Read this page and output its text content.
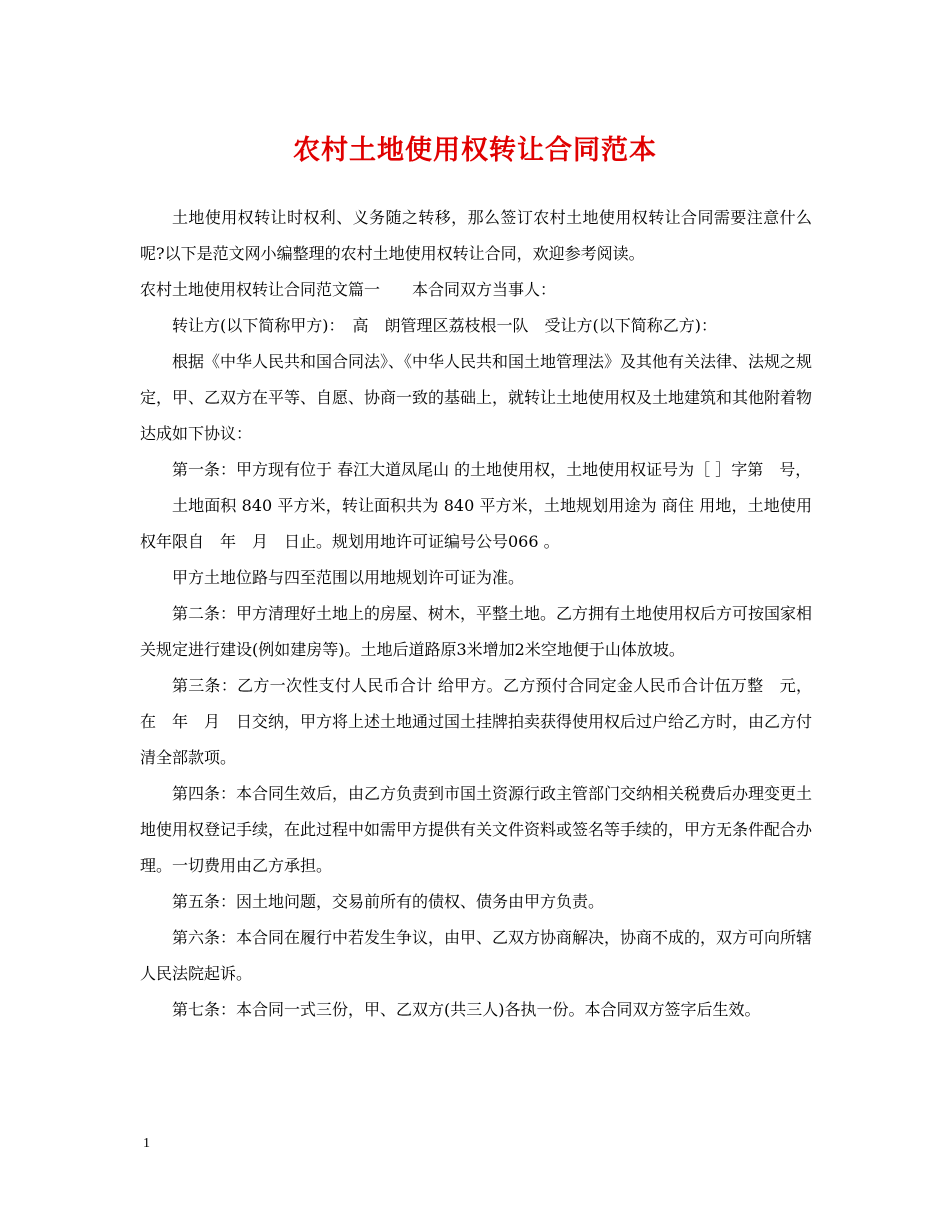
农村土地使用权转让合同范本

土地使用权转让时权利、义务随之转移，那么签订农村土地使用权转让合同需要注意什么呢?以下是范文网小编整理的农村土地使用权转让合同，欢迎参考阅读。

农村土地使用权转让合同范文篇一　　本合同双方当事人：

转让方(以下简称甲方)：　高　朗管理区荔枝根一队　受让方(以下简称乙方)：

根据《中华人民共和国合同法》、《中华人民共和国土地管理法》及其他有关法律、法规之规定，甲、乙双方在平等、自愿、协商一致的基础上，就转让土地使用权及土地建筑和其他附着物达成如下协议：

第一条：甲方现有位于 春江大道凤尾山 的土地使用权，土地使用权证号为［ ］字第　号，

土地面积 840 平方米，转让面积共为 840 平方米，土地规划用途为 商住 用地，土地使用权年限自　年　月　日止。规划用地许可证编号公号066 。

甲方土地位路与四至范围以用地规划许可证为准。

第二条：甲方清理好土地上的房屋、树木，平整土地。乙方拥有土地使用权后方可按国家相关规定进行建设(例如建房等)。土地后道路原3米增加2米空地便于山体放坡。

第三条：乙方一次性支付人民币合计 给甲方。乙方预付合同定金人民币合计伍万整　元，在　年　月　日交纳，甲方将上述土地通过国土挂牌拍卖获得使用权后过户给乙方时，由乙方付清全部款项。

第四条：本合同生效后，由乙方负责到市国土资源行政主管部门交纳相关税费后办理变更土地使用权登记手续，在此过程中如需甲方提供有关文件资料或签名等手续的，甲方无条件配合办理。一切费用由乙方承担。

第五条：因土地问题，交易前所有的债权、债务由甲方负责。

第六条：本合同在履行中若发生争议，由甲、乙双方协商解决，协商不成的，双方可向所辖人民法院起诉。

第七条：本合同一式三份，甲、乙双方(共三人)各执一份。本合同双方签字后生效。

1
